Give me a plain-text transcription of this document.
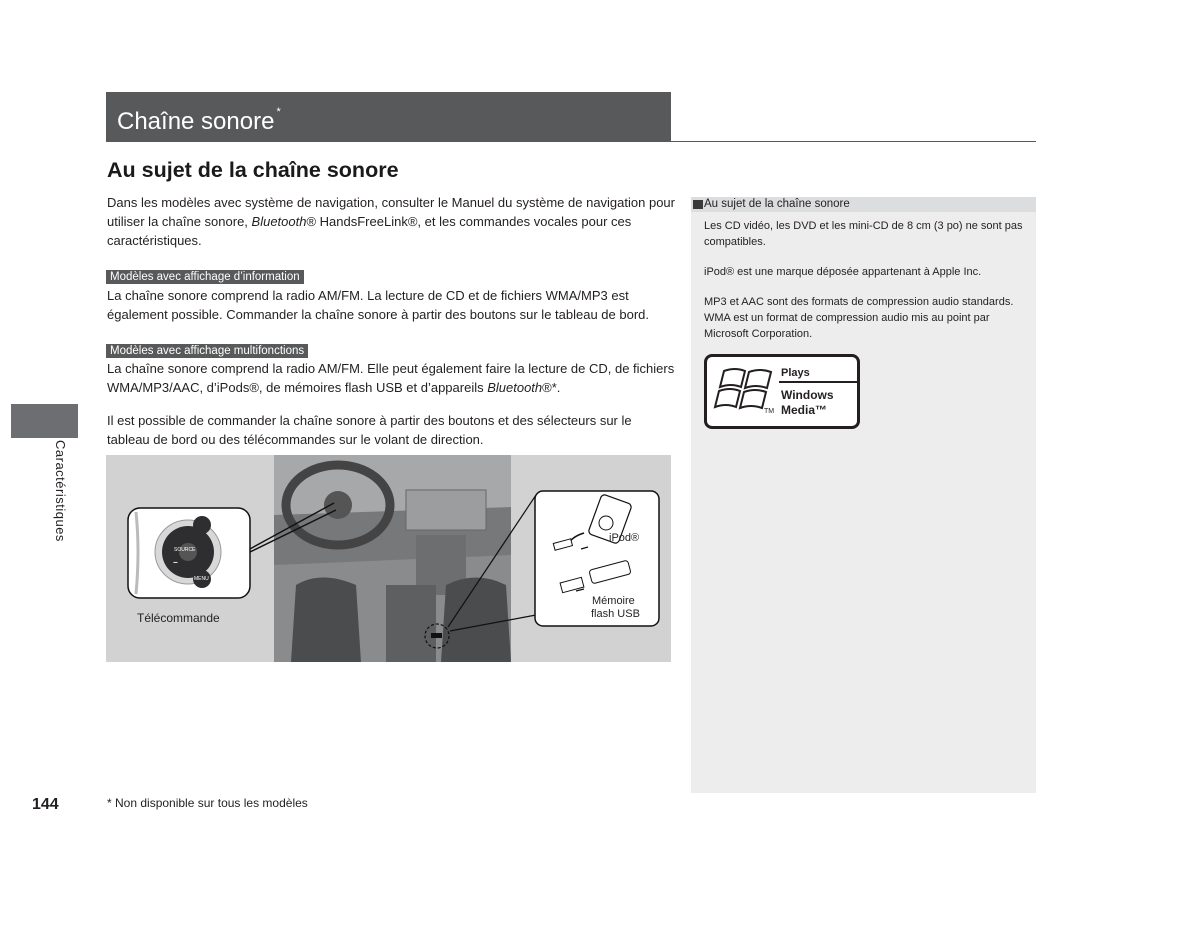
Chaîne sonore *
Au sujet de la chaîne sonore
Dans les modèles avec système de navigation, consulter le Manuel du système de navigation pour utiliser la chaîne sonore, Bluetooth® HandsFreeLink®, et les commandes vocales pour ces caractéristiques.
Modèles avec affichage d’information
La chaîne sonore comprend la radio AM/FM. La lecture de CD et de fichiers WMA/MP3 est également possible. Commander la chaîne sonore à partir des boutons sur le tableau de bord.
Modèles avec affichage multifonctions
La chaîne sonore comprend la radio AM/FM. Elle peut également faire la lecture de CD, de fichiers WMA/MP3/AAC, d’iPods®, de mémoires flash USB et d’appareils Bluetooth®*.
Il est possible de commander la chaîne sonore à partir des boutons et des sélecteurs sur le tableau de bord ou des télécommandes sur le volant de direction.
Caractéristiques
Au sujet de la chaîne sonore
Les CD vidéo, les DVD et les mini-CD de 8 cm (3 po) ne sont pas compatibles.
iPod® est une marque déposée appartenant à Apple Inc.
MP3 et AAC sont des formats de compression audio standards. WMA est un format de compression audio mis au point par Microsoft Corporation.
Plays
Windows
Media™
TM
+
SOURCE
−
MENU
Télécommande
iPod®
Mémoire
flash USB
144	* Non disponible sur tous les modèles
